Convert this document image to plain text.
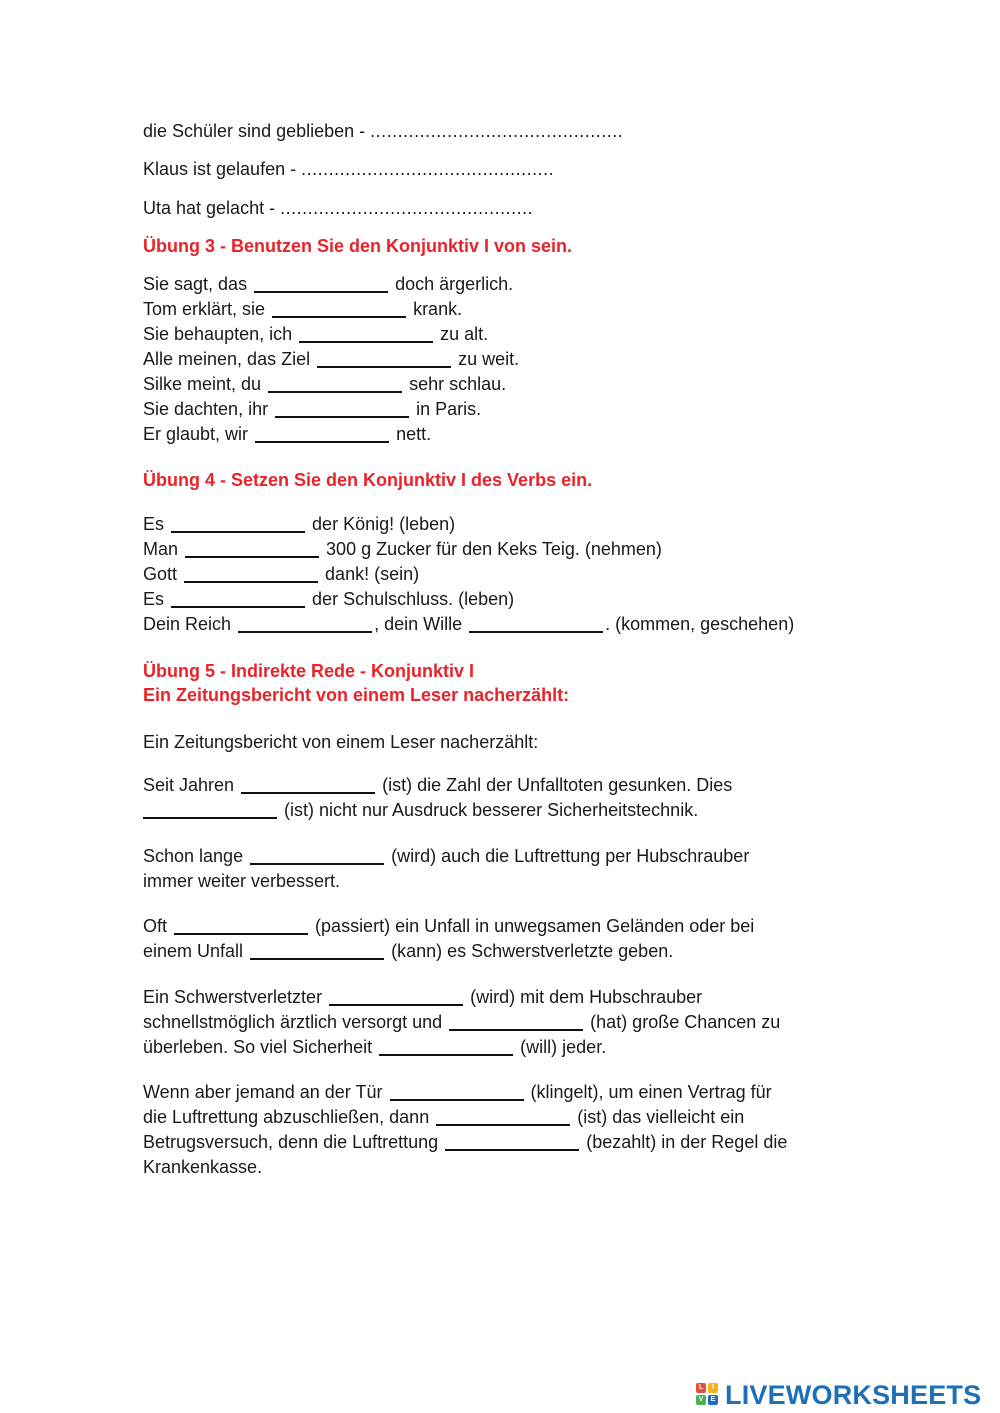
die Schüler sind geblieben - ..............................................
Klaus ist gelaufen - ..............................................
Uta hat gelacht - ..............................................
Übung 3 - Benutzen Sie den Konjunktiv I von sein.
Sie sagt, das	doch ärgerlich.
Tom erklärt, sie	krank.
Sie behaupten, ich	zu alt.
Alle meinen, das Ziel	zu weit.
Silke meint, du	sehr schlau.
Sie dachten, ihr	in Paris.
Er glaubt, wir	nett.
Übung 4 - Setzen Sie den Konjunktiv I des Verbs ein.
Es	der König! (leben)
Man	300 g Zucker für den Keks Teig. (nehmen)
Gott	dank! (sein)
Es	der Schulschluss. (leben)
Dein Reich	, dein Wille	. (kommen, geschehen)
Übung 5 - Indirekte Rede - Konjunktiv I
Ein Zeitungsbericht von einem Leser nacherzählt:
Ein Zeitungsbericht von einem Leser nacherzählt:
Seit Jahren	(ist) die Zahl der Unfalltoten gesunken. Dies
(ist) nicht nur Ausdruck besserer Sicherheitstechnik.
Schon lange	(wird) auch die Luftrettung per Hubschrauber
immer weiter verbessert.
Oft	(passiert) ein Unfall in unwegsamen Gelände​n oder bei
einem Unfall	(kann) es Schwerstverletzte geben.
Ein Schwerstverletzter	(wird) mit dem Hubschrauber
schnellstmöglich ärztlich versorgt und	(hat) große Chancen zu
überleben. So viel Sicherheit	(will) jeder.
Wenn aber jemand an der Tür	(klingelt), um einen Vertrag für
die Luftrettung abzuschließen, dann	(ist) das vielleicht ein
Betrugsversuch, denn die Luftrettung	(bezahlt) in der Regel die
Krankenkasse.
L	I
V	E LIVEWORKSHEETS
